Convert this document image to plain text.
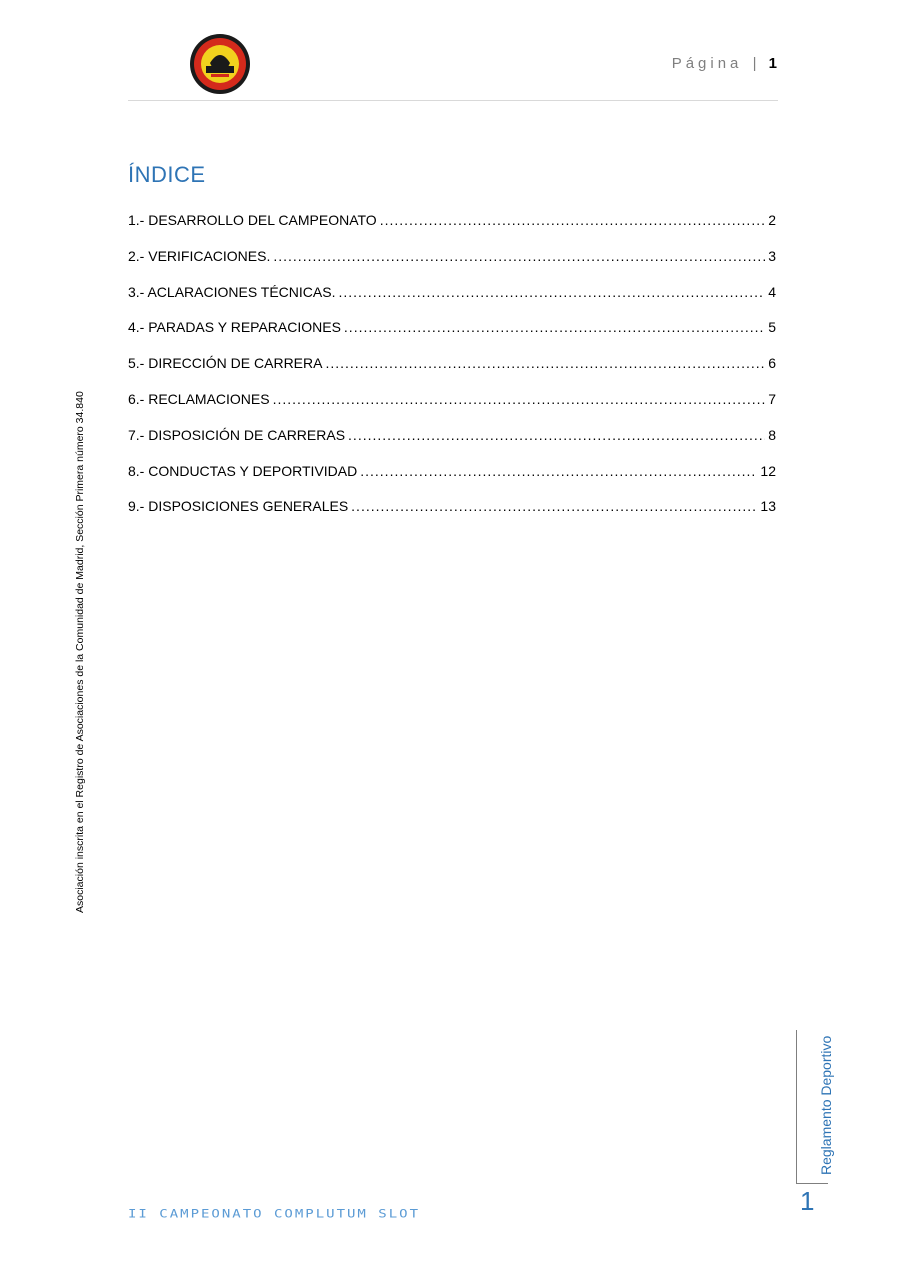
Página | 1
ÍNDICE
1.- DESARROLLO DEL CAMPEONATO .....	2
2.- VERIFICACIONES. .....	3
3.- ACLARACIONES TÉCNICAS. .....	4
4.- PARADAS Y REPARACIONES .....	5
5.- DIRECCIÓN DE CARRERA .....	6
6.- RECLAMACIONES .....	7
7.- DISPOSICIÓN DE CARRERAS .....	8
8.- CONDUCTAS Y DEPORTIVIDAD .....	12
9.- DISPOSICIONES GENERALES .....	13
Asociación inscrita en el Registro de Asociaciones de la Comunidad de Madrid, Sección Primera número 34.840
Reglamento Deportivo
1
II CAMPEONATO COMPLUTUM SLOT
